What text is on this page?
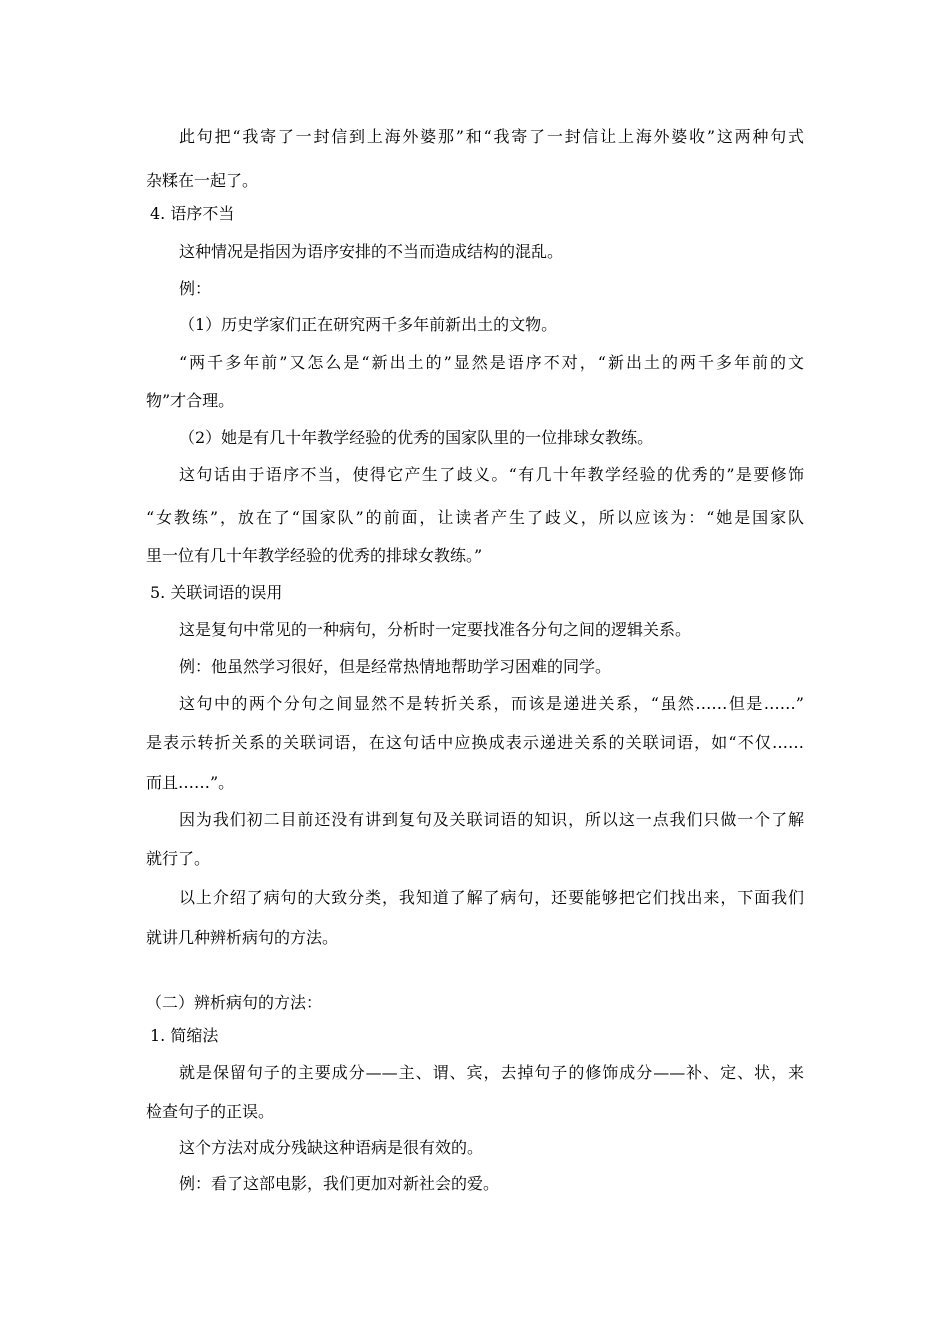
此句把“我寄了一封信到上海外婆那”和“我寄了一封信让上海外婆收”这两种句式
杂糅在一起了。
4. 语序不当
这种情况是指因为语序安排的不当而造成结构的混乱。
例：
（1）历史学家们正在研究两千多年前新出土的文物。
“两千多年前”又怎么是“新出土的”显然是语序不对，“新出土的两千多年前的文
物”才合理。
（2）她是有几十年教学经验的优秀的国家队里的一位排球女教练。
这句话由于语序不当，使得它产生了歧义。“有几十年教学经验的优秀的”是要修饰
“女教练”，放在了“国家队”的前面，让读者产生了歧义，所以应该为：“她是国家队
里一位有几十年教学经验的优秀的排球女教练。”
5. 关联词语的误用
这是复句中常见的一种病句，分析时一定要找准各分句之间的逻辑关系。
例：他虽然学习很好，但是经常热情地帮助学习困难的同学。
这句中的两个分句之间显然不是转折关系，而该是递进关系，“虽然……但是……”
是表示转折关系的关联词语，在这句话中应换成表示递进关系的关联词语，如“不仅……
而且……”。
因为我们初二目前还没有讲到复句及关联词语的知识，所以这一点我们只做一个了解
就行了。
以上介绍了病句的大致分类，我知道了解了病句，还要能够把它们找出来，下面我们
就讲几种辨析病句的方法。
（二）辨析病句的方法：
1. 简缩法
就是保留句子的主要成分——主、谓、宾，去掉句子的修饰成分——补、定、状，来
检查句子的正误。
这个方法对成分残缺这种语病是很有效的。
例：看了这部电影，我们更加对新社会的爱。
